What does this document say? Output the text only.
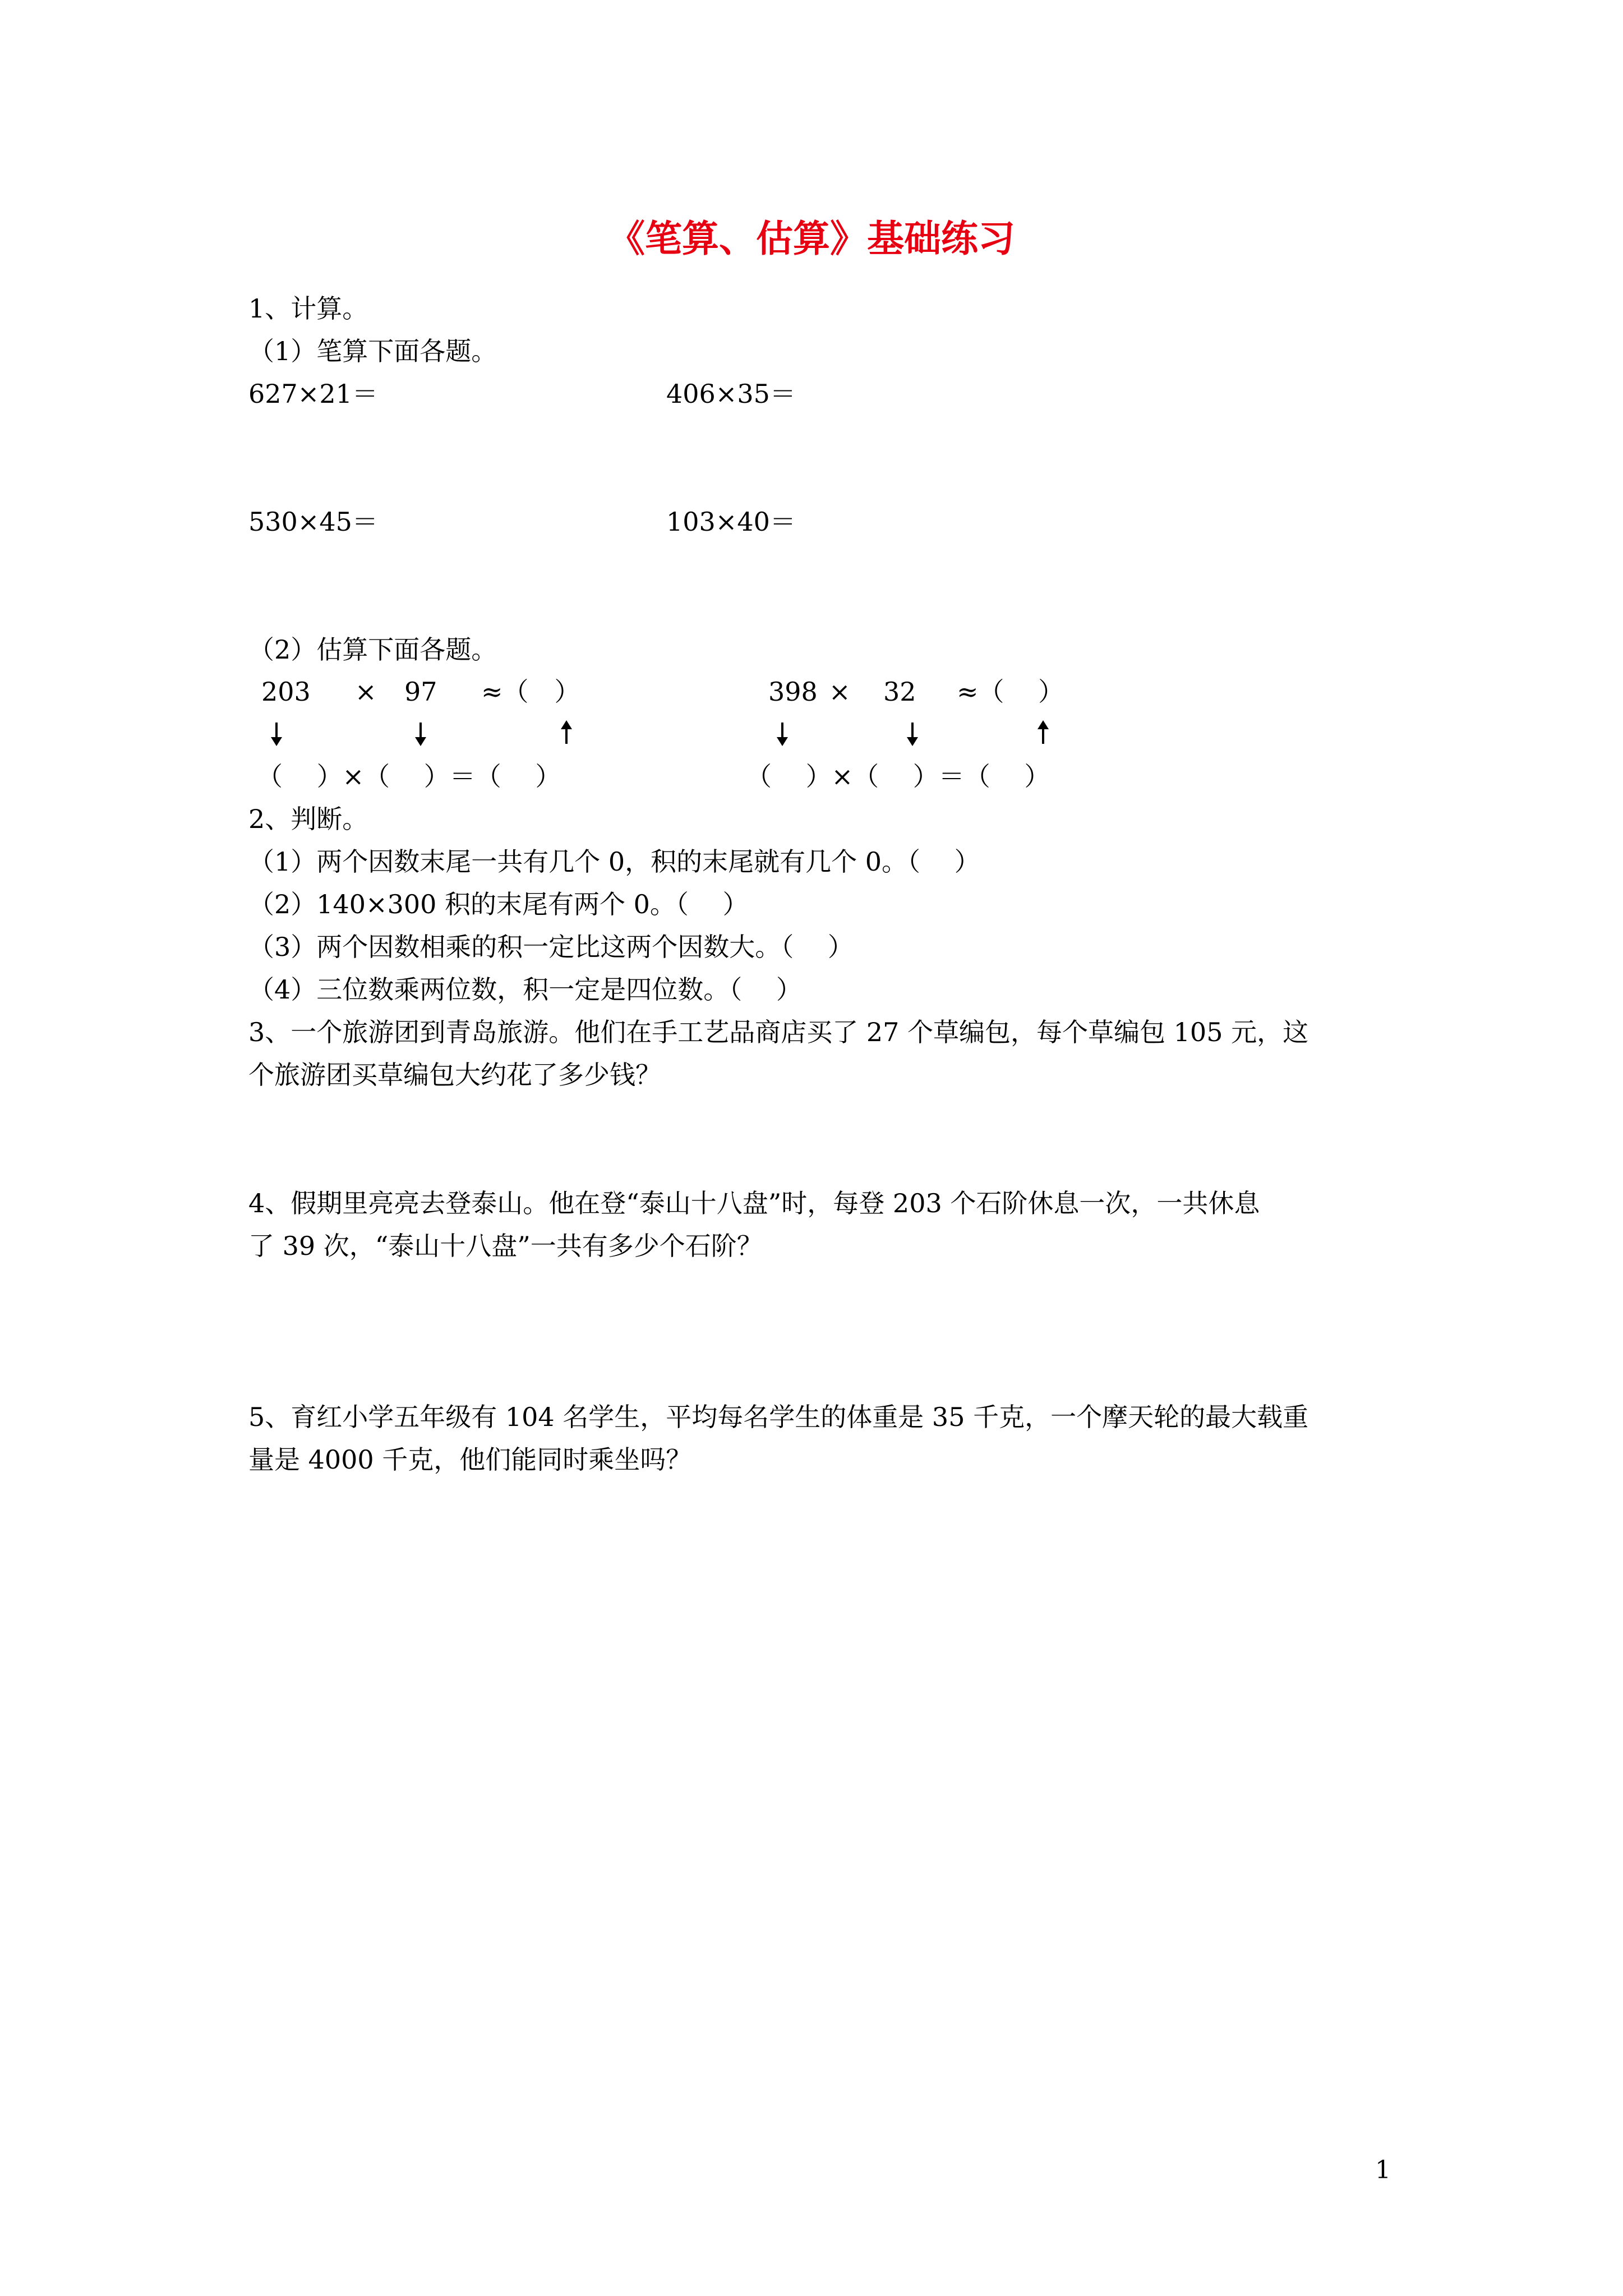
《笔算、估算》基础练习
1、计算。
（1）笔算下面各题。
627×21＝	406×35＝
530×45＝	103×40＝
（2）估算下面各题。
203 × 97 ≈（　）	398 × 32 ≈（　 ）
（　 ）×（　 ）＝（　 ）	（　 ）×（　 ）＝（　 ）
2、判断。
（1）两个因数末尾一共有几个 0，积的末尾就有几个 0。（　 ）
（2）140×300 积的末尾有两个 0。（　 ）
（3）两个因数相乘的积一定比这两个因数大。（　 ）
（4）三位数乘两位数，积一定是四位数。（　 ）
3、一个旅游团到青岛旅游。他们在手工艺品商店买了 27 个草编包，每个草编包 105 元，这
个旅游团买草编包大约花了多少钱？
4、假期里亮亮去登泰山。他在登“泰山十八盘”时，每登 203 个石阶休息一次，一共休息
了 39 次，“泰山十八盘”一共有多少个石阶？
5、育红小学五年级有 104 名学生，平均每名学生的体重是 35 千克，一个摩天轮的最大载重
量是 4000 千克，他们能同时乘坐吗？
1
